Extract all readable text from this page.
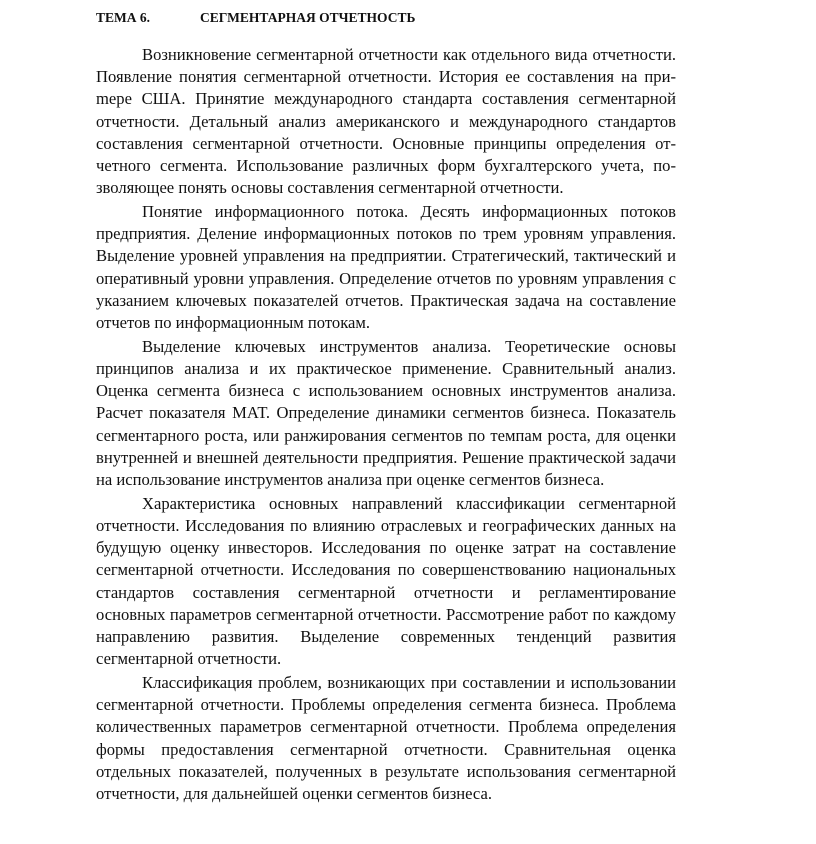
ТЕМА 6.	СЕГМЕНТАРНАЯ ОТЧЕТНОСТЬ

Возникновение сегментарной отчетности как отдельного вида отчетности. Появление понятия сегментарной отчетности. История ее составления на приmере США. Принятие международного стандарта составления сегментарной отчетности. Детальный анализ американского и международного стандартов составления сегментарной отчетности. Основные принципы определения отчетного сегмента. Использование различных форм бухгалтерского учета, позволяющее понять основы составления сегментарной отчетности.

Понятие информационного потока. Десять информационных потоков предприятия. Деление информационных потоков по трем уровням управления. Выделение уровней управления на предприятии. Стратегический, тактический и оперативный уровни управления. Определение отчетов по уровням управления с указанием ключевых показателей отчетов. Практическая задача на составление отчетов по информационным потокам.

Выделение ключевых инструментов анализа. Теоретические основы принципов анализа и их практическое применение. Сравнительный анализ. Оценка сегмента бизнеса с использованием основных инструментов анализа. Расчет показателя МАТ. Определение динамики сегментов бизнеса. Показатель сегментарного роста, или ранжирования сегментов по темпам роста, для оценки внутренней и внешней деятельности предприятия. Решение практической задачи на использование инструментов анализа при оценке сегментов бизнеса.

Характеристика основных направлений классификации сегментарной отчетности. Исследования по влиянию отраслевых и географических данных на будущую оценку инвесторов. Исследования по оценке затрат на составление сегментарной отчетности. Исследования по совершенствованию национальных стандартов составления сегментарной отчетности и регламентирование основных параметров сегментарной отчетности. Рассмотрение работ по каждому направлению развития. Выделение современных тенденций развития сегментарной отчетности.

Классификация проблем, возникающих при составлении и использовании сегментарной отчетности. Проблемы определения сегмента бизнеса. Проблема количественных параметров сегментарной отчетности. Проблема определения формы предоставления сегментарной отчетности. Сравнительная оценка отдельных показателей, полученных в результате использования сегментарной отчетности, для дальнейшей оценки сегментов бизнеса.
